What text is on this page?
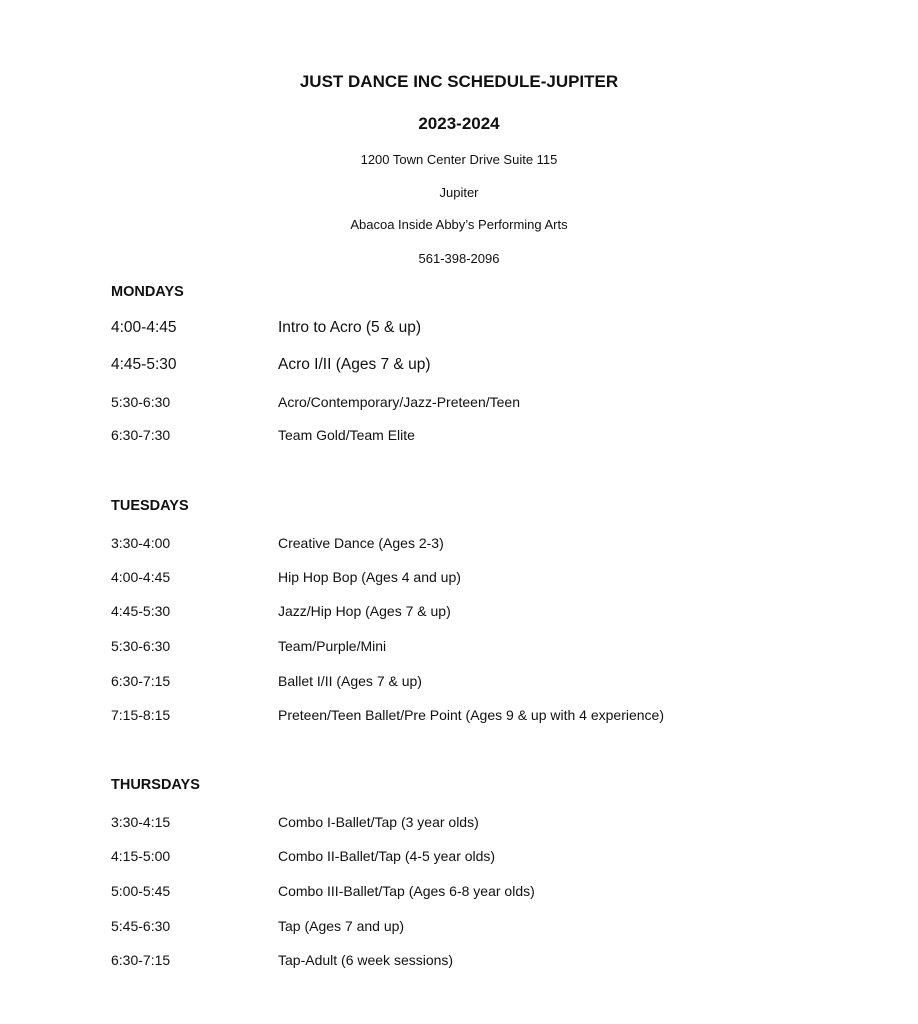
JUST DANCE INC SCHEDULE-JUPITER
2023-2024
1200 Town Center Drive Suite 115
Jupiter
Abacoa Inside Abby’s Performing Arts
561-398-2096
MONDAYS
4:00-4:45	Intro to Acro (5 & up)
4:45-5:30	Acro I/II (Ages 7 & up)
5:30-6:30	Acro/Contemporary/Jazz-Preteen/Teen
6:30-7:30	Team Gold/Team Elite
TUESDAYS
3:30-4:00	Creative Dance (Ages 2-3)
4:00-4:45	Hip Hop Bop (Ages 4 and up)
4:45-5:30	Jazz/Hip Hop (Ages 7 & up)
5:30-6:30	Team/Purple/Mini
6:30-7:15	Ballet I/II (Ages 7 & up)
7:15-8:15	Preteen/Teen Ballet/Pre Point (Ages 9 & up with 4 experience)
THURSDAYS
3:30-4:15	Combo I-Ballet/Tap (3 year olds)
4:15-5:00	Combo II-Ballet/Tap (4-5 year olds)
5:00-5:45	Combo III-Ballet/Tap (Ages 6-8 year olds)
5:45-6:30	Tap (Ages 7 and up)
6:30-7:15	Tap-Adult (6 week sessions)
